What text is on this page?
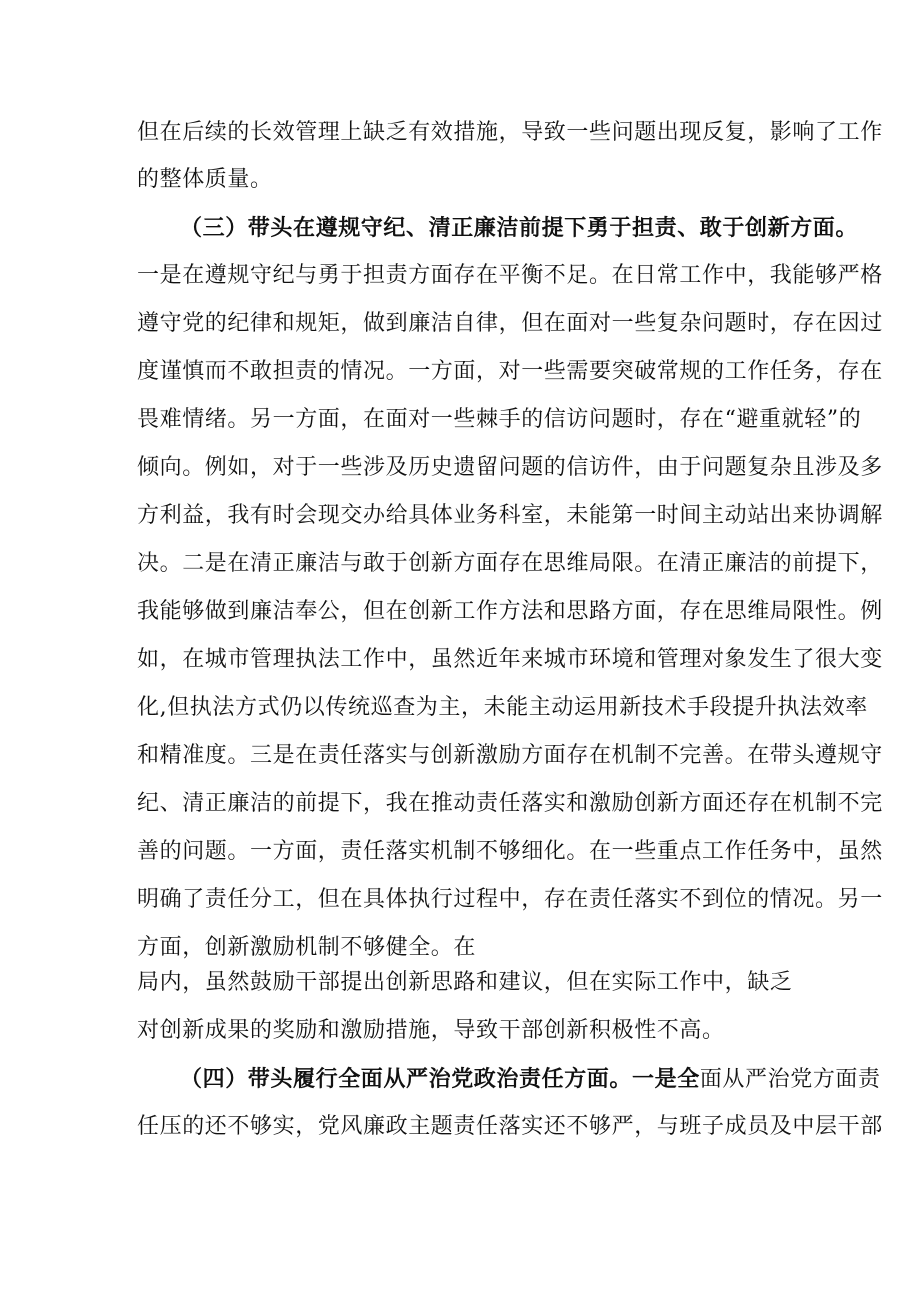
但在后续的长效管理上缺乏有效措施，导致一些问题出现反复，影响了工作
的整体质量。
（三）带头在遵规守纪、清正廉洁前提下勇于担责、敢于创新方面。
一是在遵规守纪与勇于担责方面存在平衡不足。在日常工作中，我能够严格
遵守党的纪律和规矩，做到廉洁自律，但在面对一些复杂问题时，存在因过
度谨慎而不敢担责的情况。一方面，对一些需要突破常规的工作任务，存在
畏难情绪。另一方面，在面对一些棘手的信访问题时，存在“避重就轻”的
倾向。例如，对于一些涉及历史遗留问题的信访件，由于问题复杂且涉及多
方利益，我有时会现交办给具体业务科室，未能第一时间主动站出来协调解
决。二是在清正廉洁与敢于创新方面存在思维局限。在清正廉洁的前提下，
我能够做到廉洁奉公，但在创新工作方法和思路方面，存在思维局限性。例
如，在城市管理执法工作中，虽然近年来城市环境和管理对象发生了很大变
化,但执法方式仍以传统巡查为主，未能主动运用新技术手段提升执法效率
和精准度。三是在责任落实与创新激励方面存在机制不完善。在带头遵规守
纪、清正廉洁的前提下，我在推动责任落实和激励创新方面还存在机制不完
善的问题。一方面，责任落实机制不够细化。在一些重点工作任务中，虽然
明确了责任分工，但在具体执行过程中，存在责任落实不到位的情况。另一
方面，创新激励机制不够健全。在
局内，虽然鼓励干部提出创新思路和建议，但在实际工作中，缺乏
对创新成果的奖励和激励措施，导致干部创新积极性不高。
（四）带头履行全面从严治党政治责任方面。一是全面从严治党方面责
任压的还不够实，党风廉政主题责任落实还不够严，与班子成员及中层干部
